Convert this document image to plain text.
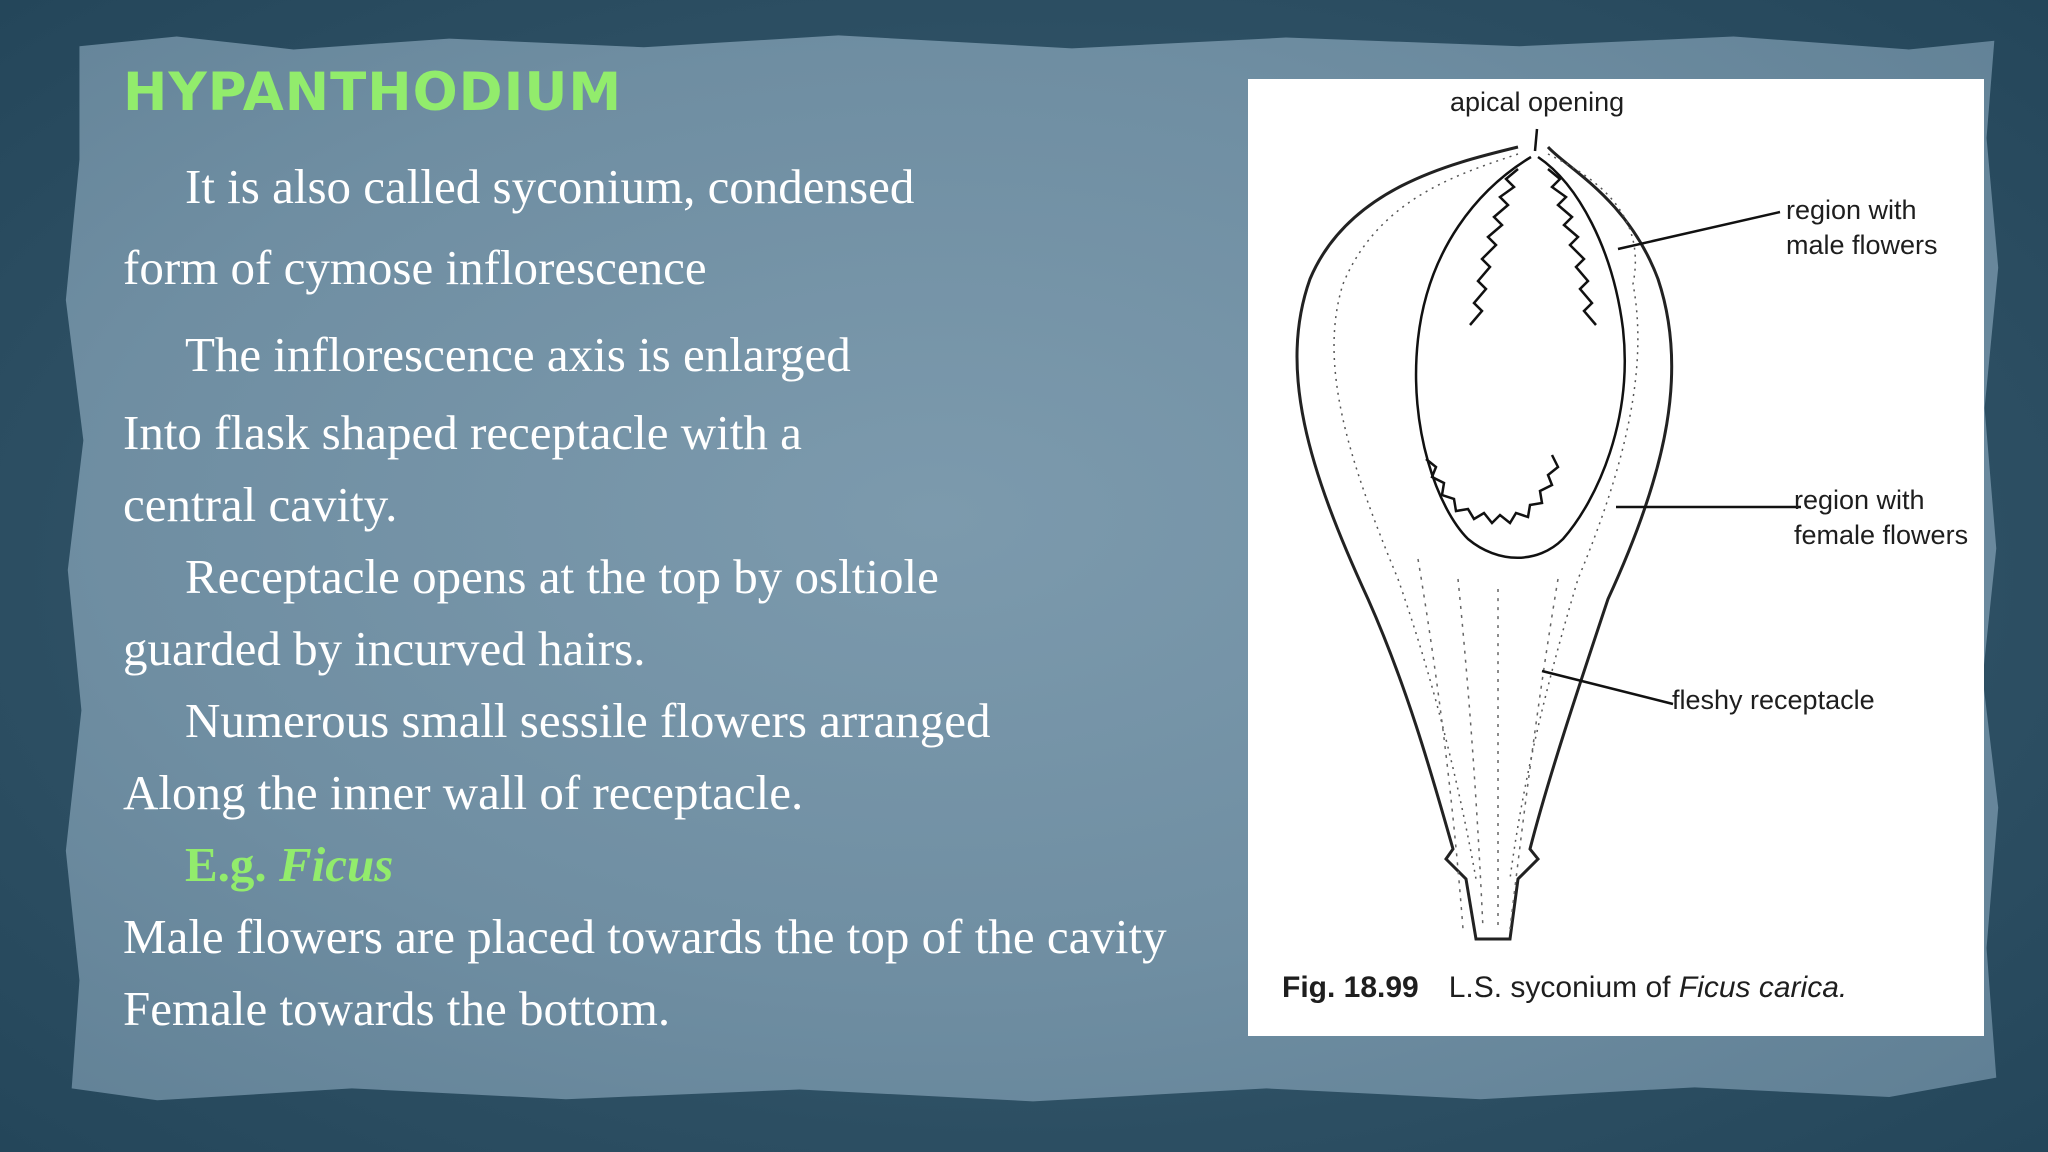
HYPANTHODIUM

It is also called syconium, condensed

form of cymose inflorescence

The inflorescence axis is enlarged

Into flask shaped receptacle with a

central cavity.

Receptacle opens at the top by osltiole

guarded by incurved hairs.

Numerous small sessile flowers arranged

Along the inner wall of receptacle.

E.g. Ficus

Male flowers are placed towards the top of the cavity

Female towards the bottom.

apical opening
region with
male flowers
region with
female flowers
fleshy receptacle
Fig. 18.99 L.S. syconium of Ficus carica.
